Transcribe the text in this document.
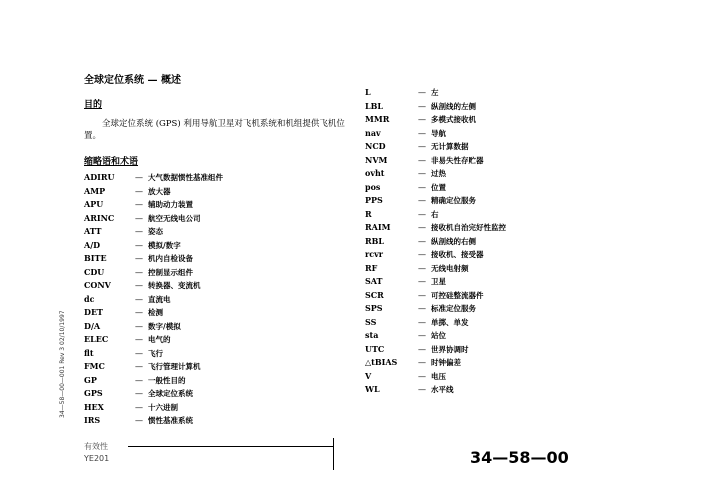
全球定位系统 — 概述
目的
全球定位系统 (GPS) 利用导航卫星对飞机系统和机组提供飞机位置。
缩略语和术语
ADIRU	— 大气数据惯性基准组件
AMP	— 放大器
APU	— 辅助动力装置
ARINC	— 航空无线电公司
ATT	— 姿态
A/D	— 模拟/数字
BITE	— 机内自检设备
CDU	— 控制显示组件
CONV	— 转换器、变流机
dc	— 直流电
DET	— 检测
D/A	— 数字/模拟
ELEC	— 电气的
flt	— 飞行
FMC	— 飞行管理计算机
GP	— 一般性目的
GPS	— 全球定位系统
HEX	— 十六进制
IRS	— 惯性基准系统
L	— 左
LBL	— 纵剖线的左侧
MMR	— 多模式接收机
nav	— 导航
NCD	— 无计算数据
NVM	— 非易失性存贮器
ovht	— 过热
pos	— 位置
PPS	— 精确定位服务
R	— 右
RAIM	— 接收机自治完好性监控
RBL	— 纵剖线的右侧
rcvr	— 接收机、接受器
RF	— 无线电射频
SAT	— 卫星
SCR	— 可控硅整流器件
SPS	— 标准定位服务
SS	— 单掷、单发
sta	— 站位
UTC	— 世界协调时
△tBIAS	— 时钟偏差
V	— 电压
WL	— 水平线
34—58—00—001 Rev 3 02/10/1997
有效性
YE201	34—58—00
